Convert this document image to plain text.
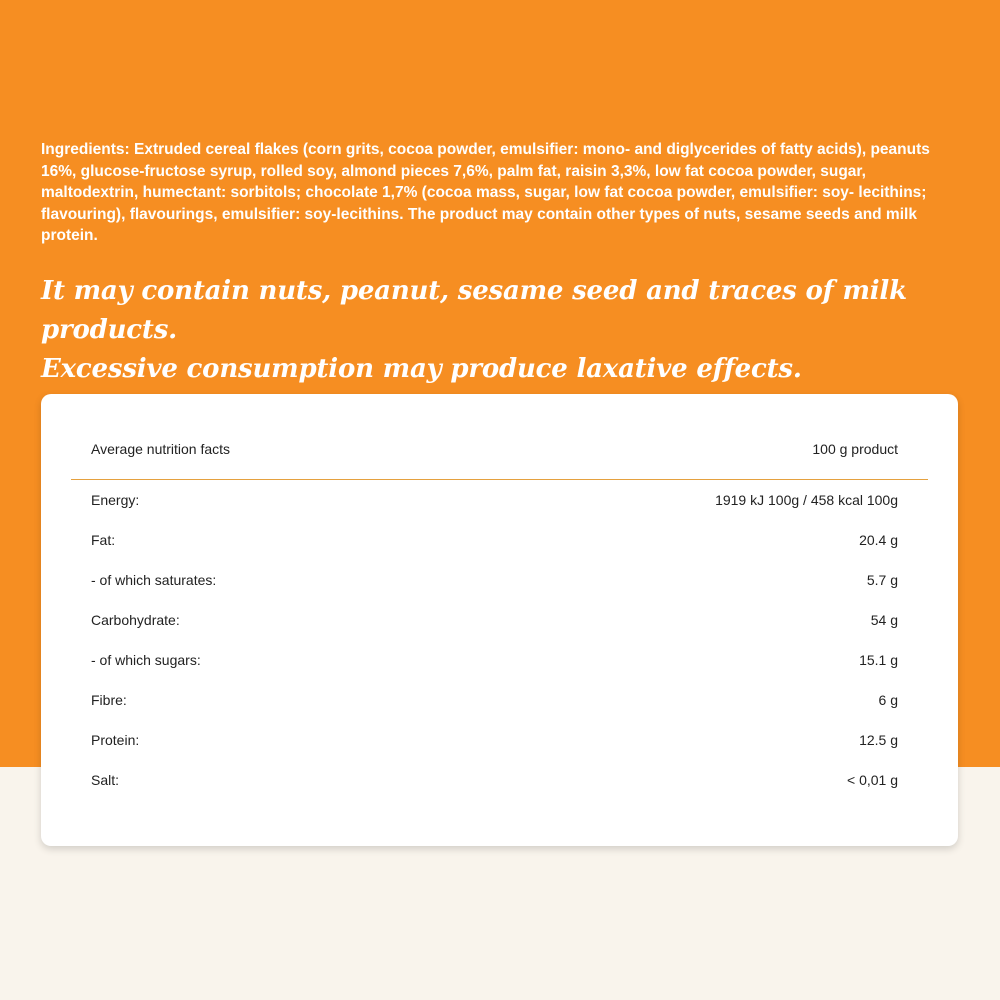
Ingredients: Extruded cereal flakes (corn grits, cocoa powder, emulsifier: mono- and diglycerides of fatty acids), peanuts 16%, glucose-fructose syrup, rolled soy, almond pieces 7,6%, palm fat, raisin 3,3%, low fat cocoa powder, sugar, maltodextrin, humectant: sorbitols; chocolate 1,7% (cocoa mass, sugar, low fat cocoa powder, emulsifier: soy- lecithins; flavouring), flavourings, emulsifier: soy-lecithins. The product may contain other types of nuts, sesame seeds and milk protein.

It may contain nuts, peanut, sesame seed and traces of milk products.
Excessive consumption may produce laxative effects.
Average nutrition facts	100 g product
Energy:	1919 kJ 100g / 458 kcal 100g
Fat:	20.4 g
- of which saturates:	5.7 g
Carbohydrate:	54 g
- of which sugars:	15.1 g
Fibre:	6 g
Protein:	12.5 g
Salt:	< 0,01 g
